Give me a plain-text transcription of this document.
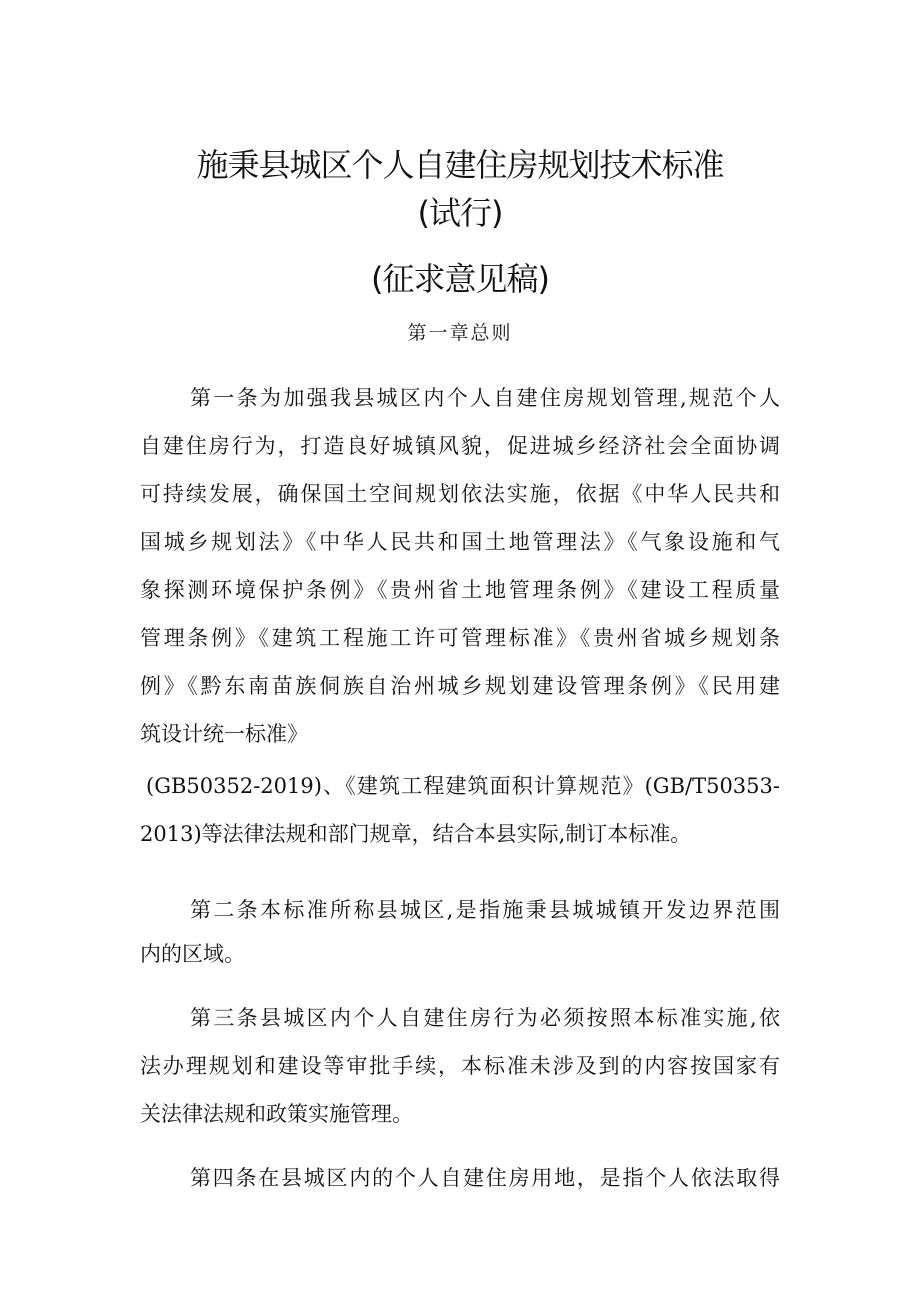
施秉县城区个人自建住房规划技术标准
(试行)
(征求意见稿)
第一章总则
第一条为加强我县城区内个人自建住房规划管理,规范个人
自建住房行为，打造良好城镇风貌，促进城乡经济社会全面协调
可持续发展，确保国土空间规划依法实施，依据《中华人民共和
国城乡规划法》《中华人民共和国土地管理法》《气象设施和气
象探测环境保护条例》《贵州省土地管理条例》《建设工程质量
管理条例》《建筑工程施工许可管理标准》《贵州省城乡规划条
例》《黔东南苗族侗族自治州城乡规划建设管理条例》《民用建
筑设计统一标准》
(GB50352-2019)、《建筑工程建筑面积计算规范》(GB/T50353-
2013)等法律法规和部门规章，结合本县实际,制订本标准。
第二条本标准所称县城区,是指施秉县城城镇开发边界范围
内的区域。
第三条县城区内个人自建住房行为必须按照本标准实施,依
法办理规划和建设等审批手续，本标准未涉及到的内容按国家有
关法律法规和政策实施管理。
第四条在县城区内的个人自建住房用地，是指个人依法取得
